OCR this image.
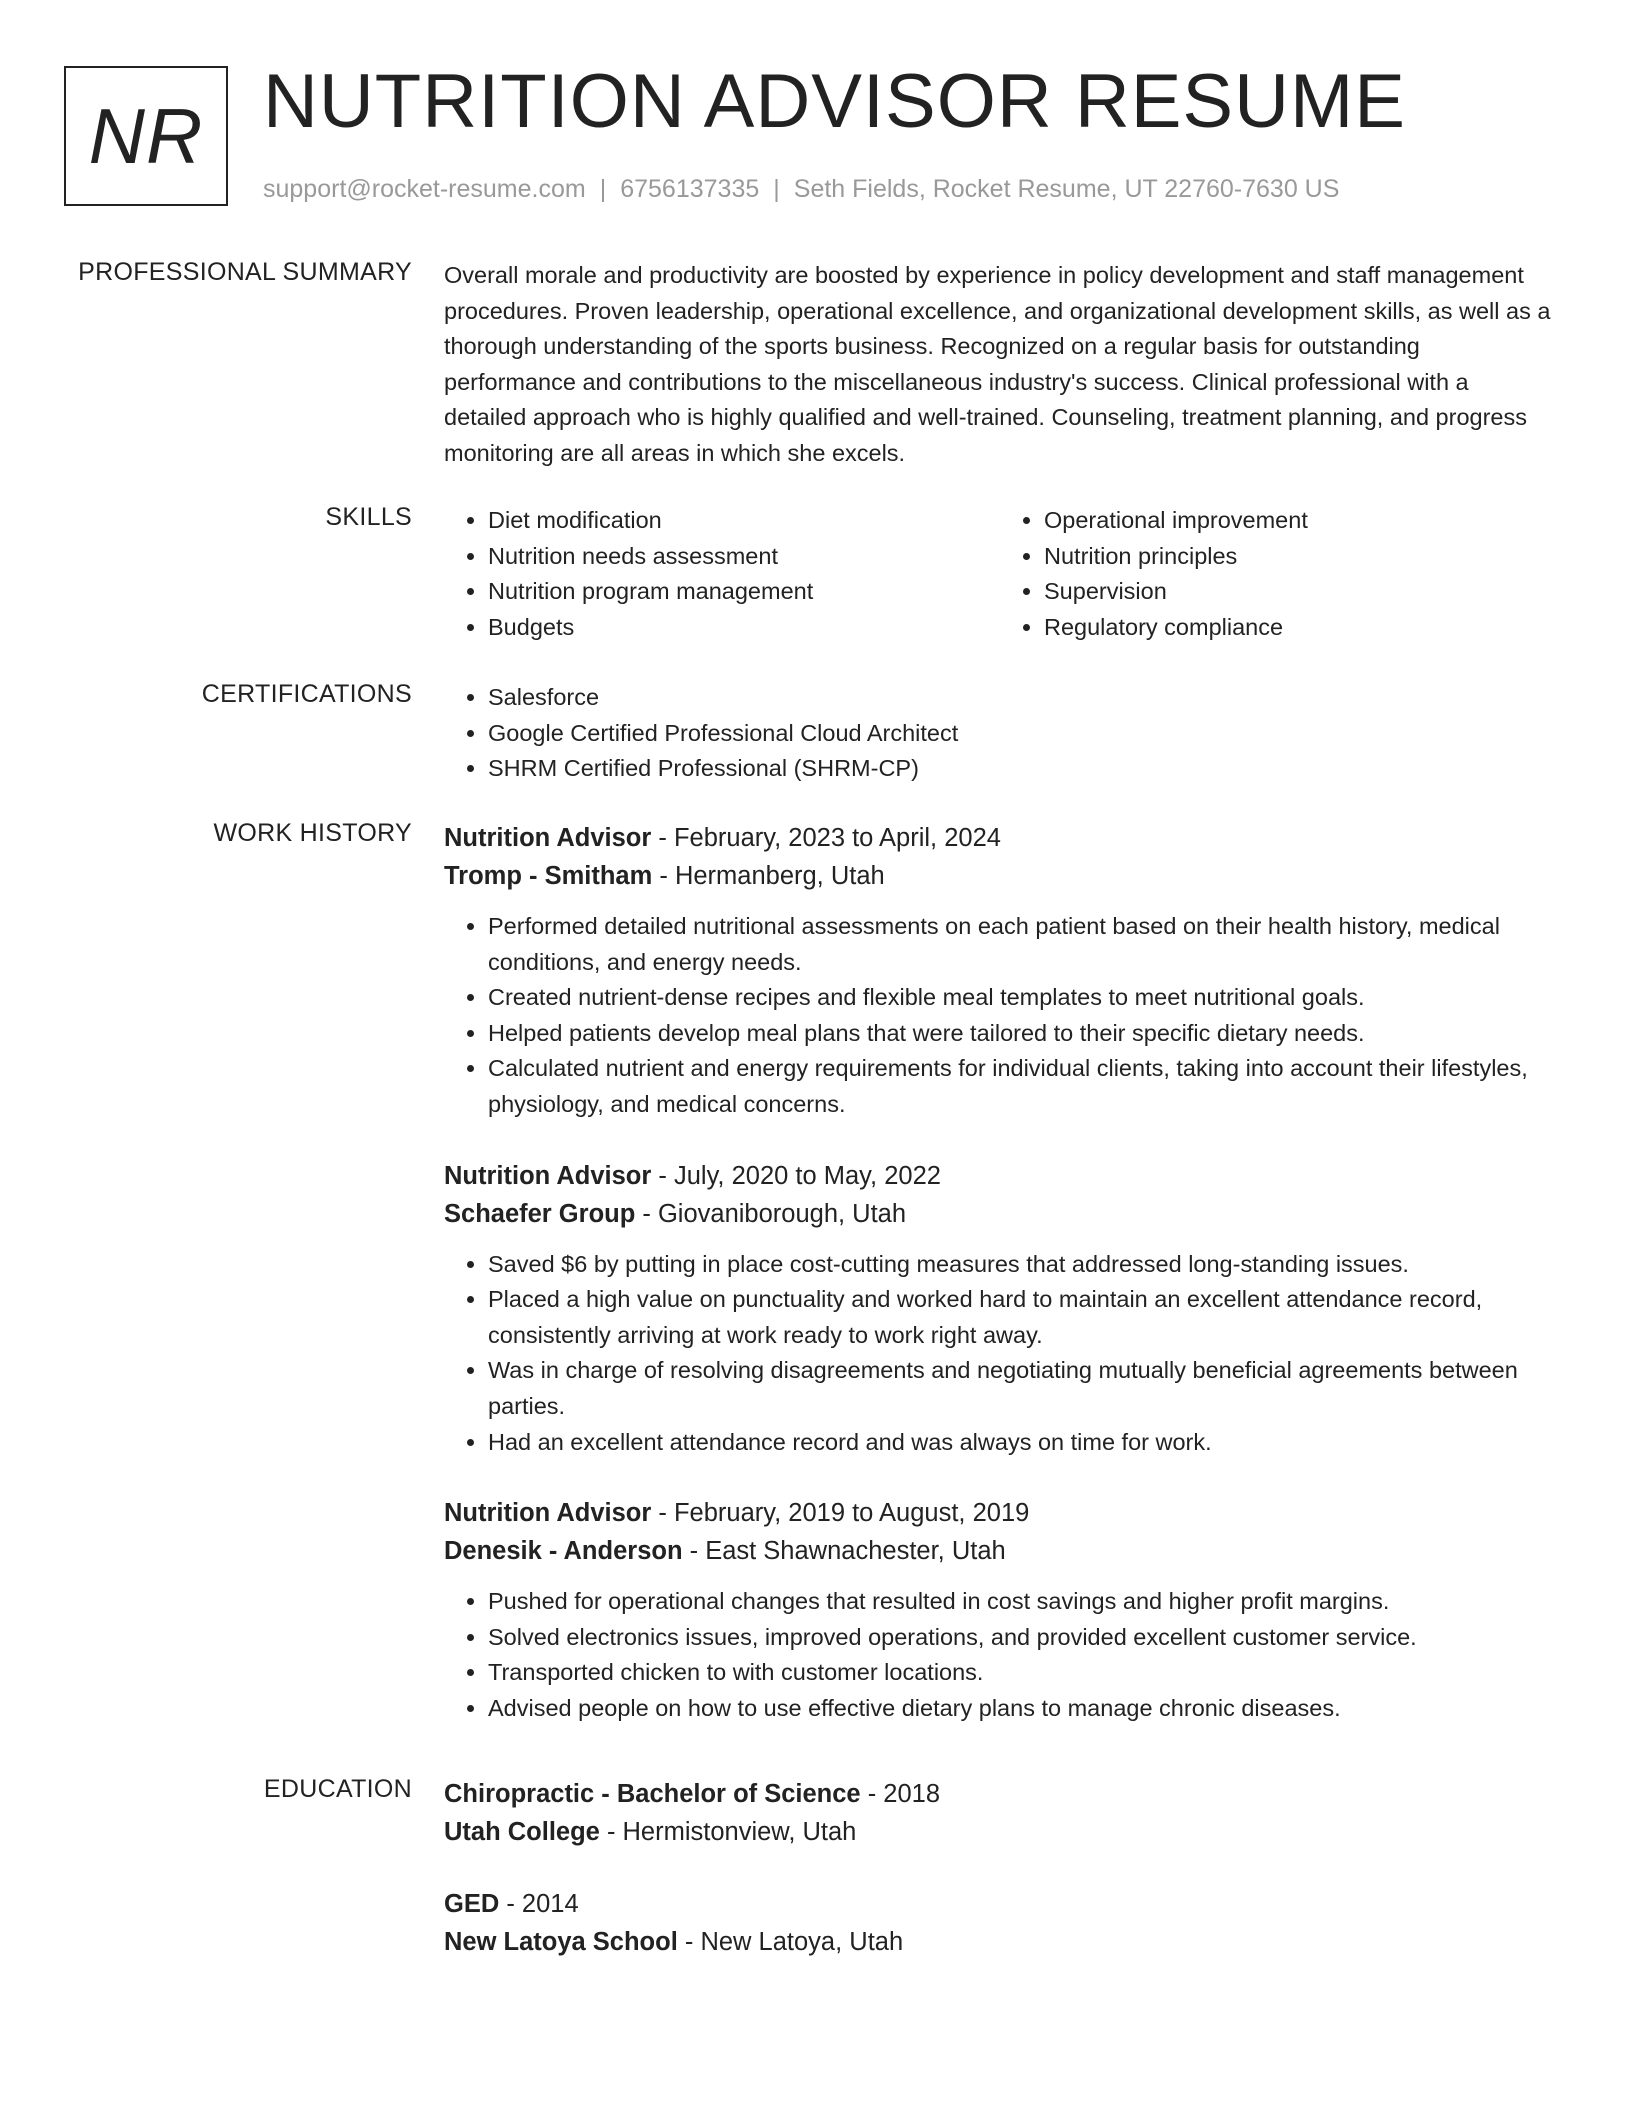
NR NUTRITION ADVISOR RESUME
support@rocket-resume.com | 6756137335 | Seth Fields, Rocket Resume, UT 22760-7630 US
PROFESSIONAL SUMMARY Overall morale and productivity are boosted by experience in policy development and staff management procedures. Proven leadership, operational excellence, and organizational development skills, as well as a thorough understanding of the sports business. Recognized on a regular basis for outstanding performance and contributions to the miscellaneous industry's success. Clinical professional with a detailed approach who is highly qualified and well-trained. Counseling, treatment planning, and progress monitoring are all areas in which she excels.
SKILLS	• Diet modification
• Nutrition needs assessment
• Nutrition program management
• Budgets
• Operational improvement
• Nutrition principles
• Supervision
• Regulatory compliance
CERTIFICATIONS	• Salesforce
• Google Certified Professional Cloud Architect
• SHRM Certified Professional (SHRM-CP)
WORK HISTORY Nutrition Advisor - February, 2023 to April, 2024
Tromp - Smitham - Hermanberg, Utah
• Performed detailed nutritional assessments on each patient based on their health history, medical conditions, and energy needs.
• Created nutrient-dense recipes and flexible meal templates to meet nutritional goals.
• Helped patients develop meal plans that were tailored to their specific dietary needs.
• Calculated nutrient and energy requirements for individual clients, taking into account their lifestyles, physiology, and medical concerns.
Nutrition Advisor - July, 2020 to May, 2022
Schaefer Group - Giovaniborough, Utah
• Saved $6 by putting in place cost-cutting measures that addressed long-standing issues.
• Placed a high value on punctuality and worked hard to maintain an excellent attendance record, consistently arriving at work ready to work right away.
• Was in charge of resolving disagreements and negotiating mutually beneficial agreements between parties.
• Had an excellent attendance record and was always on time for work.
Nutrition Advisor - February, 2019 to August, 2019
Denesik - Anderson - East Shawnachester, Utah
• Pushed for operational changes that resulted in cost savings and higher profit margins.
• Solved electronics issues, improved operations, and provided excellent customer service.
• Transported chicken to with customer locations.
• Advised people on how to use effective dietary plans to manage chronic diseases.
EDUCATION Chiropractic - Bachelor of Science - 2018
Utah College - Hermistonview, Utah
GED - 2014
New Latoya School - New Latoya, Utah
